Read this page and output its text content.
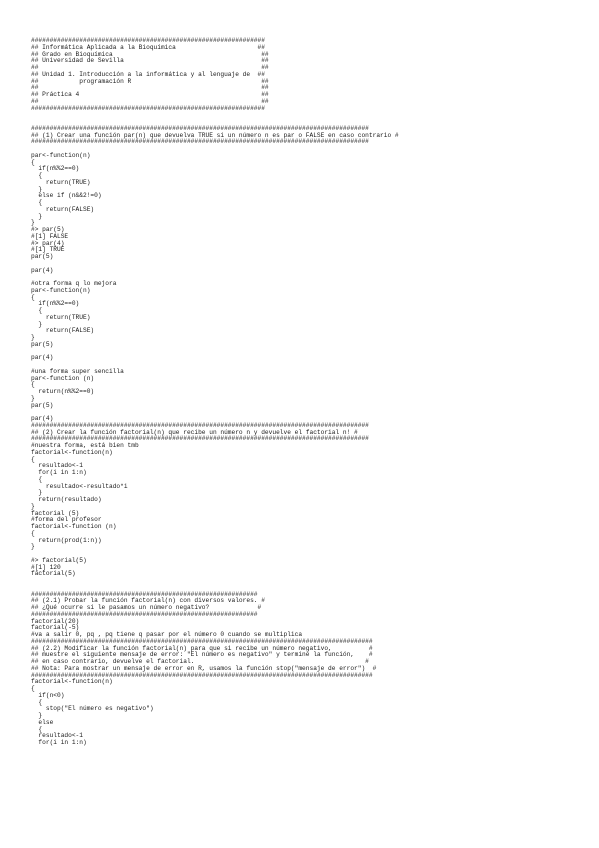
###############################################################
## Informática Aplicada a la Bioquímica                      ##
## Grado en Bioquímica                                        ##
## Universidad de Sevilla                                     ##
##                                                            ##
## Unidad 1. Introducción a la informática y al lenguaje de  ##
##           programación R                                   ##
##                                                            ##
## Práctica 4                                                 ##
##                                                            ##
###############################################################
###########################################################################################
## (1) Crear una función par(n) que devuelva TRUE si un número n es par o FALSE en caso contrario #
###########################################################################################
par<-function(n)
{
if(n%%2==0)
{
return(TRUE)
}
else if (n&&2!=0)
{
return(FALSE)
}
}
#> par(5)
#[1] FALSE
#> par(4)
#[1] TRUE
par(5)
par(4)
#otra forma q lo mejora
par<-function(n)
{
if(n%%2==0)
{
return(TRUE)
}
return(FALSE)
}
par(5)
par(4)
#una forma super sencilla
par<-function (n)
{
return(n%%2==0)
}
par(5)
par(4)
###########################################################################################
## (2) Crear la función factorial(n) que recibe un número n y devuelve el factorial n! #
###########################################################################################
#nuestra forma, está bien tmb
factorial<-function(n)
{
resultado<-1
for(i in 1:n)
{
resultado<-resultado*i
}
return(resultado)
}
factorial (5)
#forma del profesor
factorial<-function (n)
{
return(prod(1:n))
}
#> factorial(5)
#[1] 120
factorial(5)
#############################################################
## (2.1) Probar la función factorial(n) con diversos valores. #
## ¿Qué ocurre si le pasamos un número negativo?             #
#############################################################
factorial(20)
factorial(-5)
#va a salir 0, pq , pq tiene q pasar por el número 0 cuando se multiplica
############################################################################################
## (2.2) Modificar la función factorial(n) para que si recibe un número negativo,          #
## muestre el siguiente mensaje de error: "El número es negativo" y termine la función,    #
## en caso contrario, devuelve el factorial.                                              #
## Nota: Para mostrar un mensaje de error en R, usamos la función stop("mensaje de error")  #
############################################################################################
factorial<-function(n)
{
if(n<0)
{
stop("El número es negativo")
}
else
{
resultado<-1
for(i in 1:n)
